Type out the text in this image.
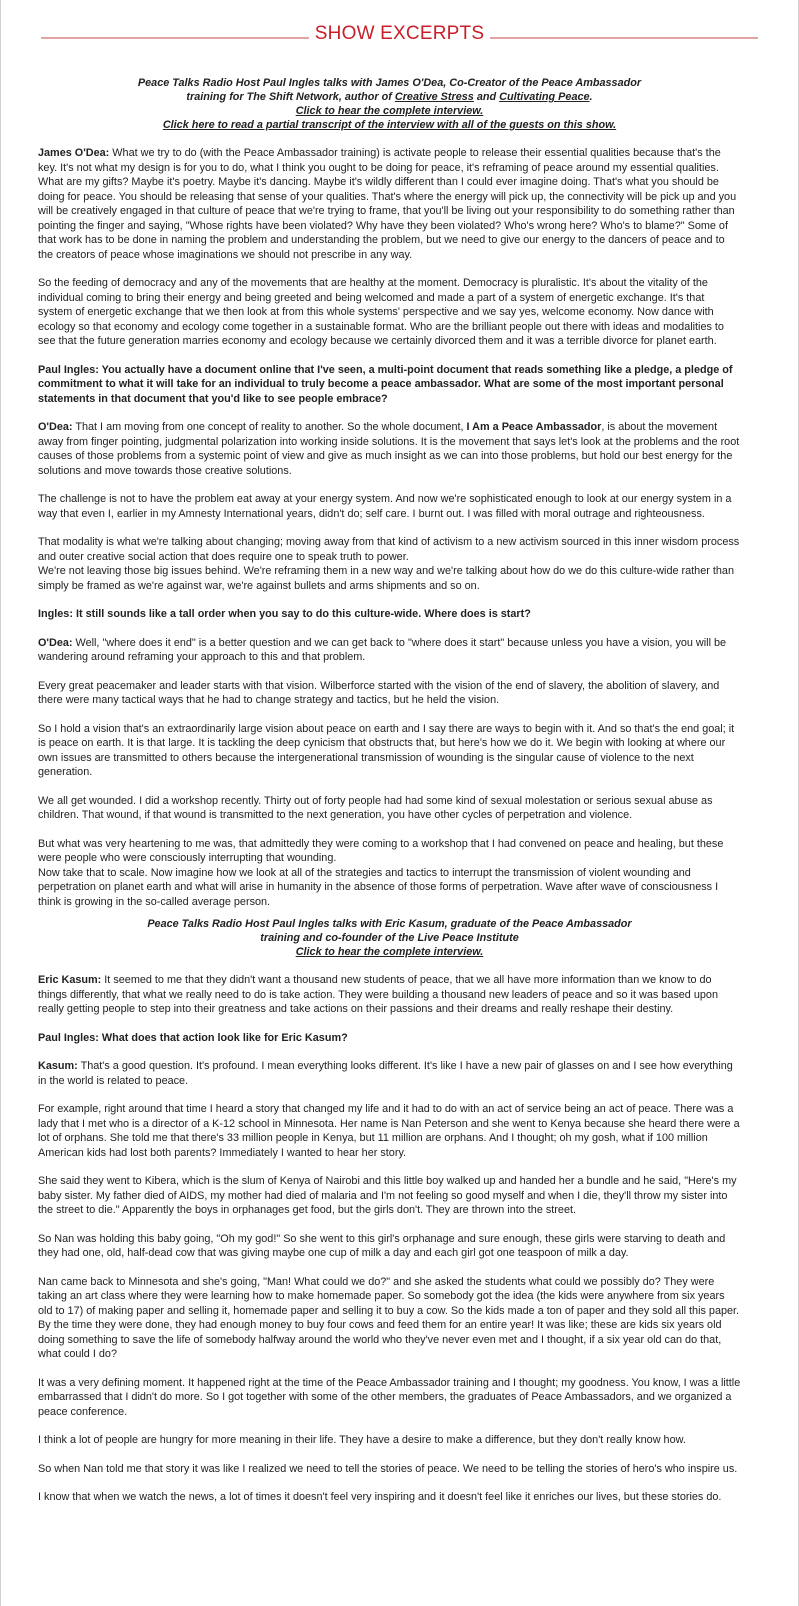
SHOW EXCERPTS
Peace Talks Radio Host Paul Ingles talks with James O'Dea, Co-Creator of the Peace Ambassador
training for The Shift Network, author of Creative Stress and Cultivating Peace.
Click to hear the complete interview.
Click here to read a partial transcript of the interview with all of the guests on this show.

James O'Dea: What we try to do (with the Peace Ambassador training) is activate people to release their essential qualities because that's the key. It's not what my design is for you to do, what I think you ought to be doing for peace, it's reframing of peace around my essential qualities. What are my gifts? Maybe it's poetry. Maybe it's dancing. Maybe it's wildly different than I could ever imagine doing. That's what you should be doing for peace. You should be releasing that sense of your qualities. That's where the energy will pick up, the connectivity will be pick up and you will be creatively engaged in that culture of peace that we're trying to frame, that you'll be living out your responsibility to do something rather than pointing the finger and saying, "Whose rights have been violated? Why have they been violated? Who's wrong here? Who's to blame?" Some of that work has to be done in naming the problem and understanding the problem, but we need to give our energy to the dancers of peace and to the creators of peace whose imaginations we should not prescribe in any way.

So the feeding of democracy and any of the movements that are healthy at the moment. Democracy is pluralistic. It's about the vitality of the individual coming to bring their energy and being greeted and being welcomed and made a part of a system of energetic exchange. It's that system of energetic exchange that we then look at from this whole systems' perspective and we say yes, welcome economy. Now dance with ecology so that economy and ecology come together in a sustainable format. Who are the brilliant people out there with ideas and modalities to see that the future generation marries economy and ecology because we certainly divorced them and it was a terrible divorce for planet earth.

Paul Ingles: You actually have a document online that I've seen, a multi-point document that reads something like a pledge, a pledge of commitment to what it will take for an individual to truly become a peace ambassador. What are some of the most important personal statements in that document that you'd like to see people embrace?

O'Dea: That I am moving from one concept of reality to another. So the whole document, I Am a Peace Ambassador, is about the movement away from finger pointing, judgmental polarization into working inside solutions. It is the movement that says let's look at the problems and the root causes of those problems from a systemic point of view and give as much insight as we can into those problems, but hold our best energy for the solutions and move towards those creative solutions.

The challenge is not to have the problem eat away at your energy system. And now we're sophisticated enough to look at our energy system in a way that even I, earlier in my Amnesty International years, didn't do; self care. I burnt out. I was filled with moral outrage and righteousness.

That modality is what we're talking about changing; moving away from that kind of activism to a new activism sourced in this inner wisdom process and outer creative social action that does require one to speak truth to power.

We're not leaving those big issues behind. We're reframing them in a new way and we're talking about how do we do this culture-wide rather than simply be framed as we're against war, we're against bullets and arms shipments and so on.

Ingles: It still sounds like a tall order when you say to do this culture-wide. Where does is start?

O'Dea: Well, "where does it end" is a better question and we can get back to "where does it start" because unless you have a vision, you will be wandering around reframing your approach to this and that problem.

Every great peacemaker and leader starts with that vision. Wilberforce started with the vision of the end of slavery, the abolition of slavery, and there were many tactical ways that he had to change strategy and tactics, but he held the vision.

So I hold a vision that's an extraordinarily large vision about peace on earth and I say there are ways to begin with it. And so that's the end goal; it is peace on earth. It is that large. It is tackling the deep cynicism that obstructs that, but here's how we do it. We begin with looking at where our own issues are transmitted to others because the intergenerational transmission of wounding is the singular cause of violence to the next generation.

We all get wounded. I did a workshop recently. Thirty out of forty people had had some kind of sexual molestation or serious sexual abuse as children. That wound, if that wound is transmitted to the next generation, you have other cycles of perpetration and violence.

But what was very heartening to me was, that admittedly they were coming to a workshop that I had convened on peace and healing, but these were people who were consciously interrupting that wounding.

Now take that to scale. Now imagine how we look at all of the strategies and tactics to interrupt the transmission of violent wounding and perpetration on planet earth and what will arise in humanity in the absence of those forms of perpetration. Wave after wave of consciousness I think is growing in the so-called average person.

Peace Talks Radio Host Paul Ingles talks with Eric Kasum, graduate of the Peace Ambassador
training and co-founder of the Live Peace Institute
Click to hear the complete interview.

Eric Kasum: It seemed to me that they didn't want a thousand new students of peace, that we all have more information than we know to do things differently, that what we really need to do is take action. They were building a thousand new leaders of peace and so it was based upon really getting people to step into their greatness and take actions on their passions and their dreams and really reshape their destiny.

Paul Ingles: What does that action look like for Eric Kasum?

Kasum: That's a good question. It's profound. I mean everything looks different. It's like I have a new pair of glasses on and I see how everything in the world is related to peace.

For example, right around that time I heard a story that changed my life and it had to do with an act of service being an act of peace. There was a lady that I met who is a director of a K-12 school in Minnesota. Her name is Nan Peterson and she went to Kenya because she heard there were a lot of orphans. She told me that there's 33 million people in Kenya, but 11 million are orphans. And I thought; oh my gosh, what if 100 million American kids had lost both parents? Immediately I wanted to hear her story.

She said they went to Kibera, which is the slum of Kenya of Nairobi and this little boy walked up and handed her a bundle and he said, "Here's my baby sister. My father died of AIDS, my mother had died of malaria and I'm not feeling so good myself and when I die, they'll throw my sister into the street to die." Apparently the boys in orphanages get food, but the girls don't. They are thrown into the street.

So Nan was holding this baby going, "Oh my god!" So she went to this girl's orphanage and sure enough, these girls were starving to death and they had one, old, half-dead cow that was giving maybe one cup of milk a day and each girl got one teaspoon of milk a day.

Nan came back to Minnesota and she's going, "Man! What could we do?" and she asked the students what could we possibly do? They were taking an art class where they were learning how to make homemade paper. So somebody got the idea (the kids were anywhere from six years old to 17) of making paper and selling it, homemade paper and selling it to buy a cow. So the kids made a ton of paper and they sold all this paper. By the time they were done, they had enough money to buy four cows and feed them for an entire year! It was like; these are kids six years old doing something to save the life of somebody halfway around the world who they've never even met and I thought, if a six year old can do that, what could I do?

It was a very defining moment. It happened right at the time of the Peace Ambassador training and I thought; my goodness. You know, I was a little embarrassed that I didn't do more. So I got together with some of the other members, the graduates of Peace Ambassadors, and we organized a peace conference.

I think a lot of people are hungry for more meaning in their life. They have a desire to make a difference, but they don't really know how.

So when Nan told me that story it was like I realized we need to tell the stories of peace. We need to be telling the stories of hero's who inspire us.

I know that when we watch the news, a lot of times it doesn't feel very inspiring and it doesn't feel like it enriches our lives, but these stories do.
